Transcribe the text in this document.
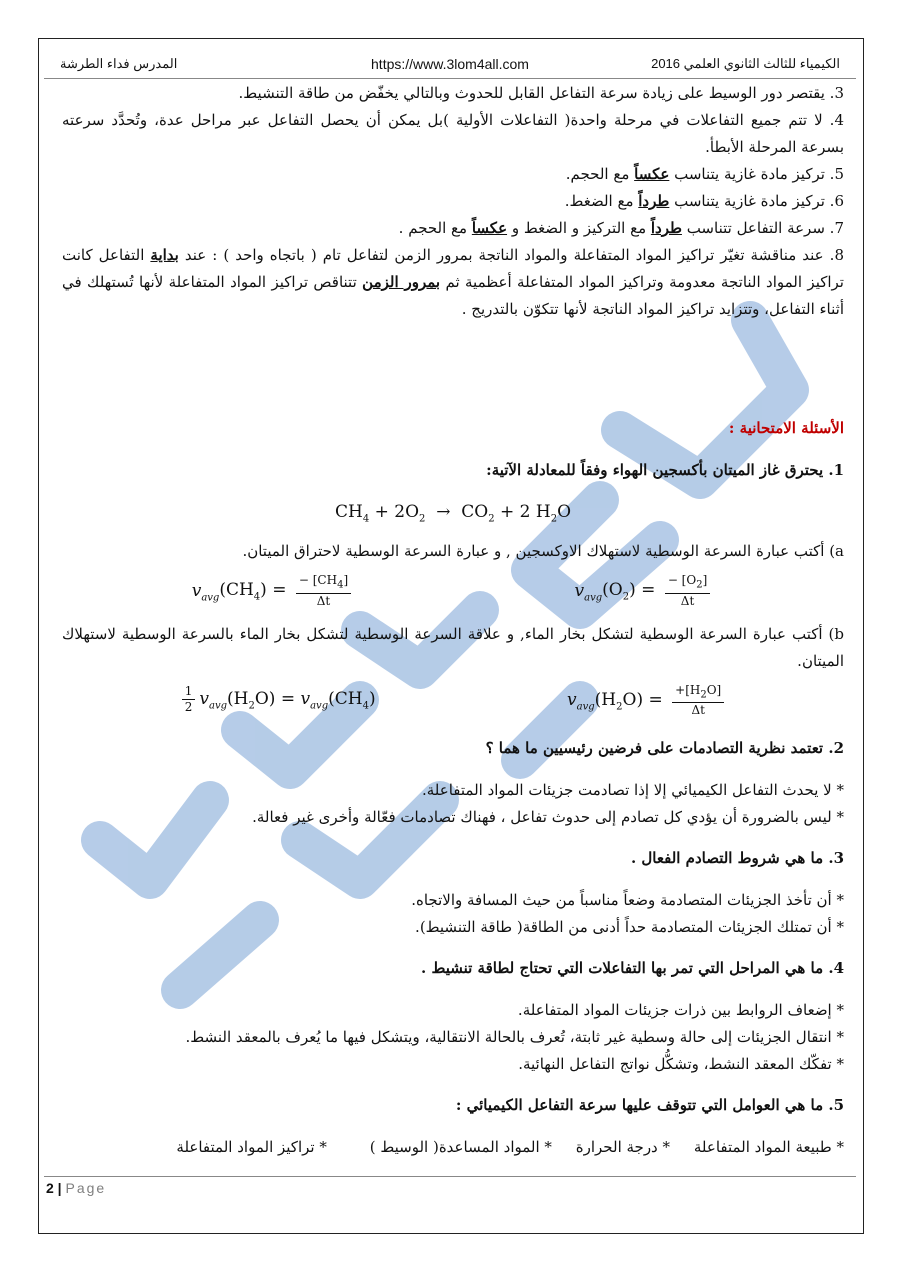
المدرس فداء الطرشة	https://www.3lom4all.com	الكيمياء للثالث الثانوي العلمي 2016

3. يقتصر دور الوسيط على زيادة سرعة التفاعل القابل للحدوث وبالتالي يخفّض من طاقة التنشيط.

4. لا تتم جميع التفاعلات في مرحلة واحدة( التفاعلات الأولية )بل يمكن أن يحصل التفاعل عبر مراحل عدة، وتُحدَّد سرعته بسرعة المرحلة الأبطأ.

5. تركيز مادة غازية يتناسب عكساً مع الحجم.

6. تركيز مادة غازية يتناسب طرداً مع الضغط.

7. سرعة التفاعل تتناسب طرداً مع التركيز و الضغط و عكساً مع الحجم .

8. عند مناقشة تغيّر تراكيز المواد المتفاعلة والمواد الناتجة بمرور الزمن لتفاعل تام ( باتجاه واحد ) : عند بداية التفاعل كانت تراكيز المواد الناتجة معدومة وتراكيز المواد المتفاعلة أعظمية ثم بمرور الزمن تتناقص تراكيز المواد المتفاعلة لأنها تُستهلك في أثناء التفاعل، وتتزايد تراكيز المواد الناتجة لأنها تتكوّن بالتدريج .

الأسئلة الامتحانية :

1. يحترق غاز الميتان بأكسجين الهواء وفقاً للمعادلة الآتية:

$CH_4 + 2O_2 \to CO_2 + 2$ $H_2O$

a) أكتب عبارة السرعة الوسطية لاستهلاك الاوكسجين , و عبارة السرعة الوسطية لاحتراق الميتان.

$v_{avg}(CH_4) = \frac{- [CH_4]}{\Delta t}$	$v_{avg}(O_2) = \frac{- [O_2]}{\Delta t}$

b) أكتب عبارة السرعة الوسطية لتشكل بخار الماء, و علاقة السرعة الوسطية لتشكل بخار الماء بالسرعة الوسطية لاستهلاك الميتان.

$\frac{1}{2} v_{avg}(H_2O) = v_{avg}(CH_4)$	$v_{avg}(H_2O) = \frac{+[H_2O]}{\Delta t}$

2. تعتمد نظرية التصادمات على فرضين رئيسيين ما هما ؟

* لا يحدث التفاعل الكيميائي إلا إذا تصادمت جزيئات المواد المتفاعلة.

* ليس بالضرورة أن يؤدي كل تصادم إلى حدوث تفاعل ، فهناك تصادمات فعّالة وأخرى غير فعالة.

3. ما هي شروط التصادم الفعال .

* أن تأخذ الجزيئات المتصادمة وضعاً مناسباً من حيث المسافة والاتجاه.

* أن تمتلك الجزيئات المتصادمة حداً أدنى من الطاقة( طاقة التنشيط).

4. ما هي المراحل التي تمر بها التفاعلات التي تحتاج لطاقة تنشيط .

* إضعاف الروابط بين ذرات جزيئات المواد المتفاعلة.

* انتقال الجزيئات إلى حالة وسطية غير ثابتة، تُعرف بالحالة الانتقالية، ويتشكل فيها ما يُعرف بالمعقد النشط.

* تفكّك المعقد النشط، وتشكُّل نواتج التفاعل النهائية.

5. ما هي العوامل التي تتوقف عليها سرعة التفاعل الكيميائي :

* طبيعة المواد المتفاعلة     * درجة الحرارة     * المواد المساعدة( الوسيط )         * تراكيز المواد المتفاعلة

2 | Page
